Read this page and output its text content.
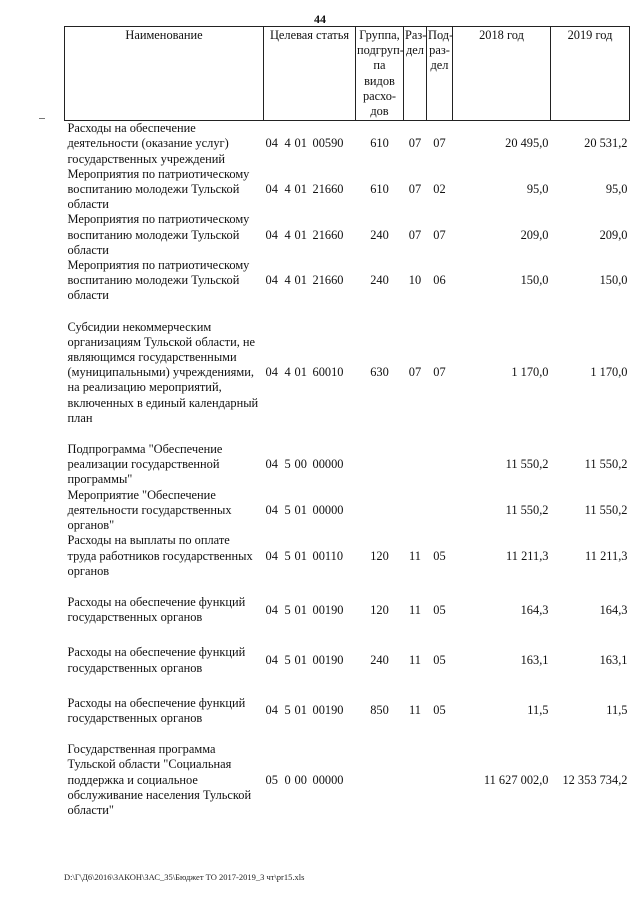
44
Наименование	Целевая статья	Группа, подгруп-па видов расхо-дов	Раз-дел	Под-раз-дел	2018 год	2019 год
Расходы на обеспечение деятельности (оказание услуг) государственных учреждений	04 4 01 00590	610	07	07	20 495,0	20 531,2
Мероприятия по патриотическому воспитанию молодежи Тульской области	04 4 01 21660	610	07	02	95,0	95,0
Мероприятия по патриотическому воспитанию молодежи Тульской области	04 4 01 21660	240	07	07	209,0	209,0
Мероприятия по патриотическому воспитанию молодежи Тульской области	04 4 01 21660	240	10	06	150,0	150,0

Субсидии некоммерческим организациям Тульской области, не являющимся государственными (муниципальными) учреждениями, на реализацию мероприятий, включенных в единый календарный план	04 4 01 60010	630	07	07	1 170,0	1 170,0

Подпрограмма "Обеспечение реализации государственной программы"	04 5 00 00000				11 550,2	11 550,2
Мероприятие "Обеспечение деятельности государственных органов"	04 5 01 00000				11 550,2	11 550,2
Расходы на выплаты по оплате труда работников государственных органов	04 5 01 00110	120	11	05	11 211,3	11 211,3

Расходы на обеспечение функций государственных органов	04 5 01 00190	120	11	05	164,3	164,3

Расходы на обеспечение функций государственных органов	04 5 01 00190	240	11	05	163,1	163,1

Расходы на обеспечение функций государственных органов	04 5 01 00190	850	11	05	11,5	11,5

Государственная программа Тульской области "Социальная поддержка и социальное обслуживание населения Тульской области"	05 0 00 00000				11 627 002,0	12 353 734,2
D:\Г\Д6\2016\ЗАКОН\ЗАС_35\Бюджет ТО 2017-2019_3 чт\pr15.xls
